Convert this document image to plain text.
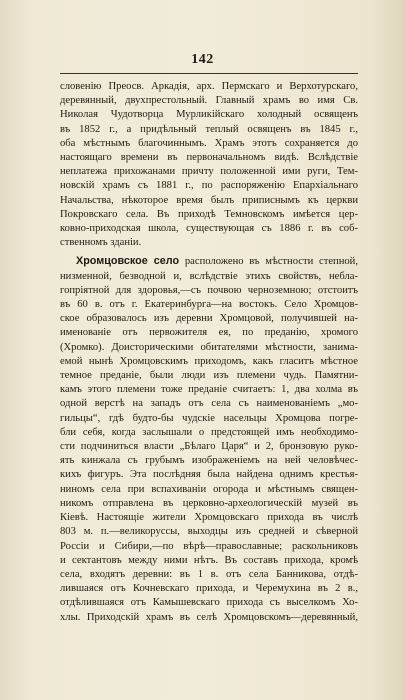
142
словенію Преосв. Аркадія, арх. Пермскаго и Верхотурскаго,
деревянный, двухпрестольный. Главный храмъ во имя Св.
Николая Чудотворца Мурликійскаго холодный освященъ
въ 1852 г., а придѣльный теплый освященъ въ 1845 г.,
оба мѣстнымъ благочиннымъ. Храмъ этотъ сохраняется до
настоящаго времени въ первоначальномъ видѣ. Вслѣдствіе
неплатежа прихожанами причту положенной ими руги, Тем-
новскій храмъ съ 1881 г., по распоряженію Епархіальнаго
Начальства, нѣкоторое время былъ приписнымъ къ церкви
Покровскаго села. Въ приходѣ Темновскомъ имѣется цер-
ковно-приходская школа, существующая съ 1886 г. въ соб-
ственномъ зданіи.
Хромцовское село расположено въ мѣстности степной,
низменной, безводной и, вслѣдствіе этихъ свойствъ, небла-
гопріятной для здоровья,—съ почвою черноземною; отстоитъ
въ 60 в. отъ г. Екатеринбурга—на востокъ. Село Хромцов-
ское образовалось изъ деревни Хромцовой, получившей на-
именованіе отъ первожителя ея, по преданію, хромого
(Хромко). Доисторическими обитателями мѣстности, занима-
емой нынѣ Хромцовскимъ приходомъ, какъ гласитъ мѣстное
темное преданіе, были люди изъ племени чудь. Памятни-
камъ этого племени тоже преданіе считаетъ: 1, два холма въ
одной верстѣ на западъ отъ села съ наименованіемъ „мо-
гильцы“, гдѣ будто-бы чудскіе насельцы Хромцова погре-
бли себя, когда заслышали о предстоящей имъ необходимо-
сти подчиниться власти „Бѣлаго Царя“ и 2, бронзовую руко-
ять кинжала съ грубымъ изображеніемъ на ней человѣчес-
кихъ фигуръ. Эта послѣдняя была найдена однимъ крестья-
ниномъ села при вспахиваніи огорода и мѣстнымъ священ-
никомъ отправлена въ церковно-археологическій музей въ
Кіевѣ. Настоящіе жители Хромцовскаго прихода въ числѣ
803 м. п.—великоруссы, выходцы изъ средней и сѣверной
Россіи и Сибири,—по вѣрѣ—православные; раскольниковъ
и сектантовъ между ними нѣтъ. Въ составъ прихода, кромѣ
села, входятъ деревни: въ 1 в. отъ села Банникова, отдѣ-
лившаяся отъ Кочневскаго прихода, и Черемухина въ 2 в.,
отдѣлившаяся отъ Камышевскаго прихода съ выселкомъ Хо-
хлы. Приходскій храмъ въ селѣ Хромцовскомъ—деревянный,
